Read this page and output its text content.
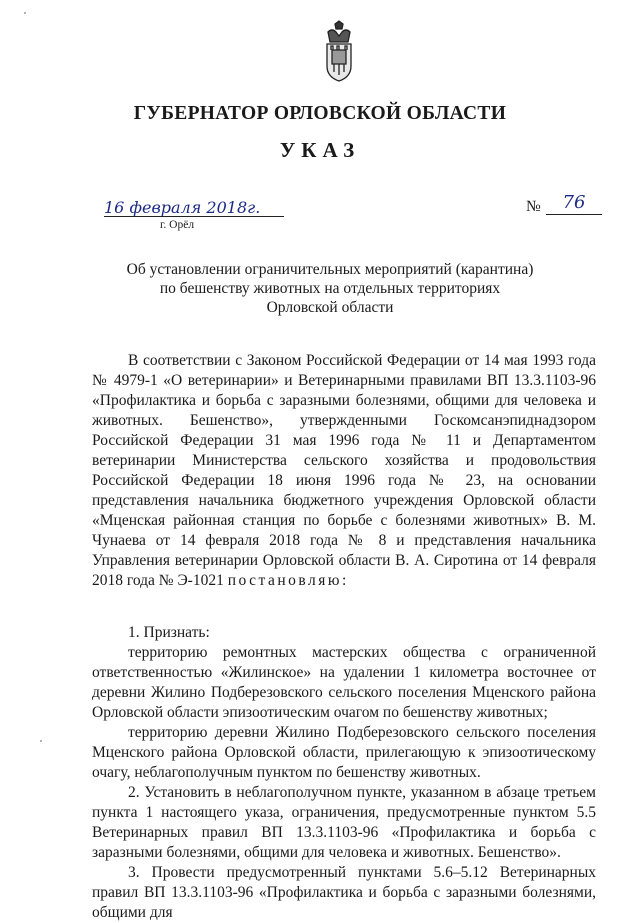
ГУБЕРНАТОР ОРЛОВСКОЙ ОБЛАСТИ
УКАЗ
16 февраля 2018г.
г. Орёл
№	76
Об установлении ограничительных мероприятий (карантина)
по бешенству животных на отдельных территориях
Орловской области

В соответствии с Законом Российской Федерации от 14 мая 1993 года № 4979-1 «О ветеринарии» и Ветеринарными правилами ВП 13.3.1103-96 «Профилактика и борьба с заразными болезнями, общими для человека и животных. Бешенство», утвержденными Госкомсанэпиднадзором Российской Федерации 31 мая 1996 года № 11 и Департаментом ветеринарии Министерства сельского хозяйства и продовольствия Российской Федерации 18 июня 1996 года № 23, на основании представления начальника бюджетного учреждения Орловской области «Мценская районная станция по борьбе с болезнями животных» В. М. Чунаева от 14 февраля 2018 года № 8 и представления начальника Управления ветеринарии Орловской области В. А. Сиротина от 14 февраля 2018 года № Э-1021 постановляю:

1. Признать:

территорию ремонтных мастерских общества с ограниченной ответственностью «Жилинское» на удалении 1 километра восточнее от деревни Жилино Подберезовского сельского поселения Мценского района Орловской области эпизоотическим очагом по бешенству животных;

территорию деревни Жилино Подберезовского сельского поселения Мценского района Орловской области, прилегающую к эпизоотическому очагу, неблагополучным пунктом по бешенству животных.

2. Установить в неблагополучном пункте, указанном в абзаце третьем пункта 1 настоящего указа, ограничения, предусмотренные пунктом 5.5 Ветеринарных правил ВП 13.3.1103-96 «Профилактика и борьба с заразными болезнями, общими для человека и животных. Бешенство».

3. Провести предусмотренный пунктами 5.6–5.12 Ветеринарных правил ВП 13.3.1103-96 «Профилактика и борьба с заразными болезнями, общими для
